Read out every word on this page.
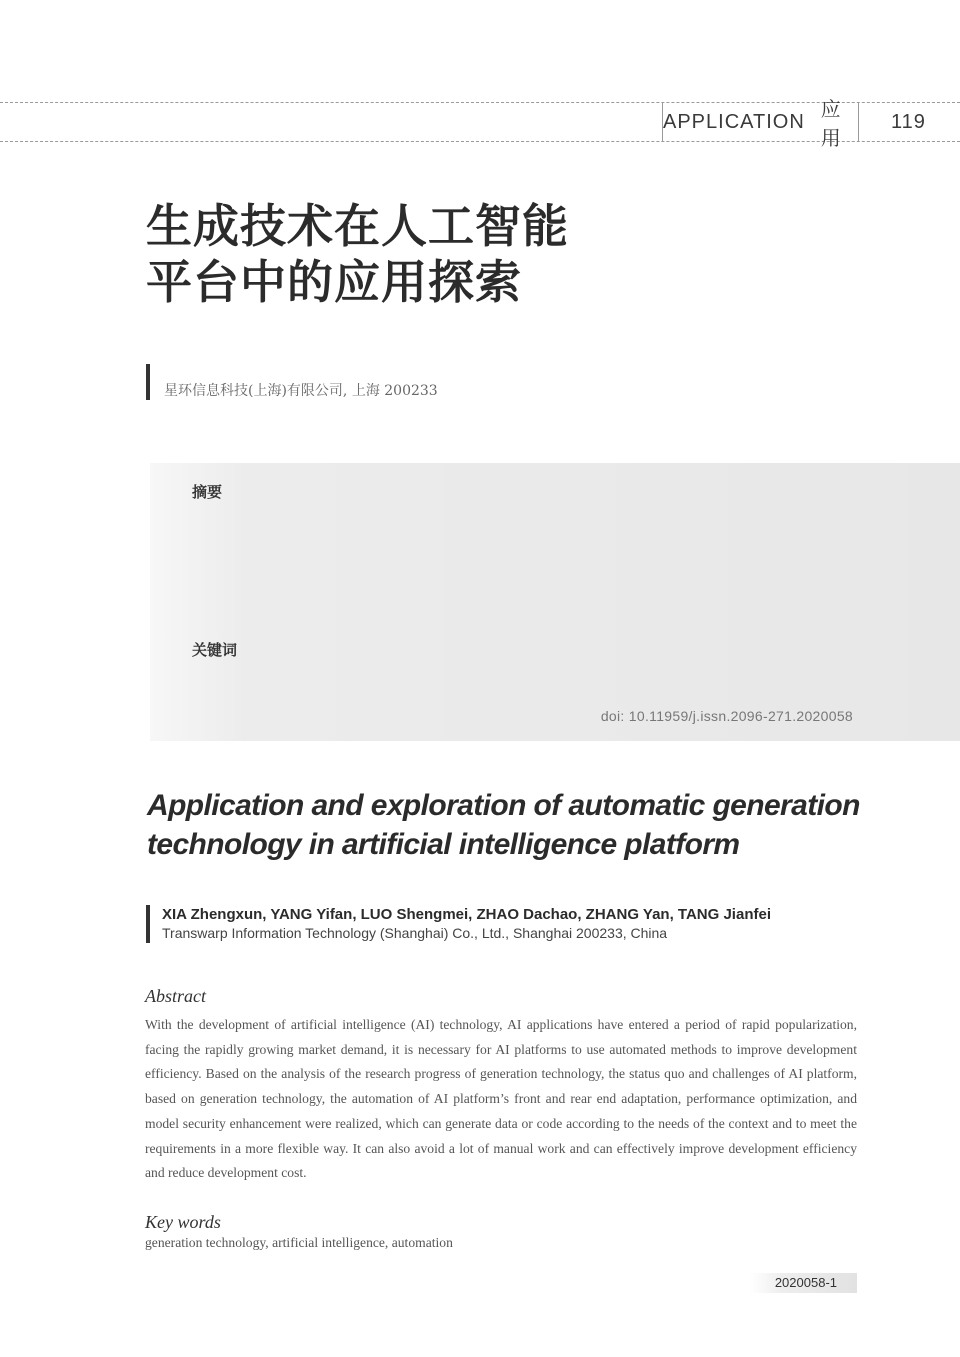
APPLICATION
应用
119
生成技术在人工智能
平台中的应用探索
星环信息科技(上海)有限公司, 上海 200233
摘要
关键词
doi: 10.11959/j.issn.2096-271.2020058
Application and exploration of automatic generation
technology in artificial intelligence platform
XIA Zhengxun, YANG Yifan, LUO Shengmei, ZHAO Dachao, ZHANG Yan, TANG Jianfei
Transwarp Information Technology (Shanghai) Co., Ltd., Shanghai 200233, China
Abstract
With the development of artificial intelligence (AI) technology, AI applications have entered a period of rapid popularization, facing the rapidly growing market demand, it is necessary for AI platforms to use automated methods to improve development efficiency. Based on the analysis of the research progress of generation technology, the status quo and challenges of AI platform, based on generation technology, the automation of AI platform’s front and rear end adaptation, performance optimization, and model security enhancement were realized, which can generate data or code according to the needs of the context and to meet the requirements in a more flexible way. It can also avoid a lot of manual work and can effectively improve development efficiency and reduce development cost.
Key words
generation technology, artificial intelligence, automation
2020058-1
